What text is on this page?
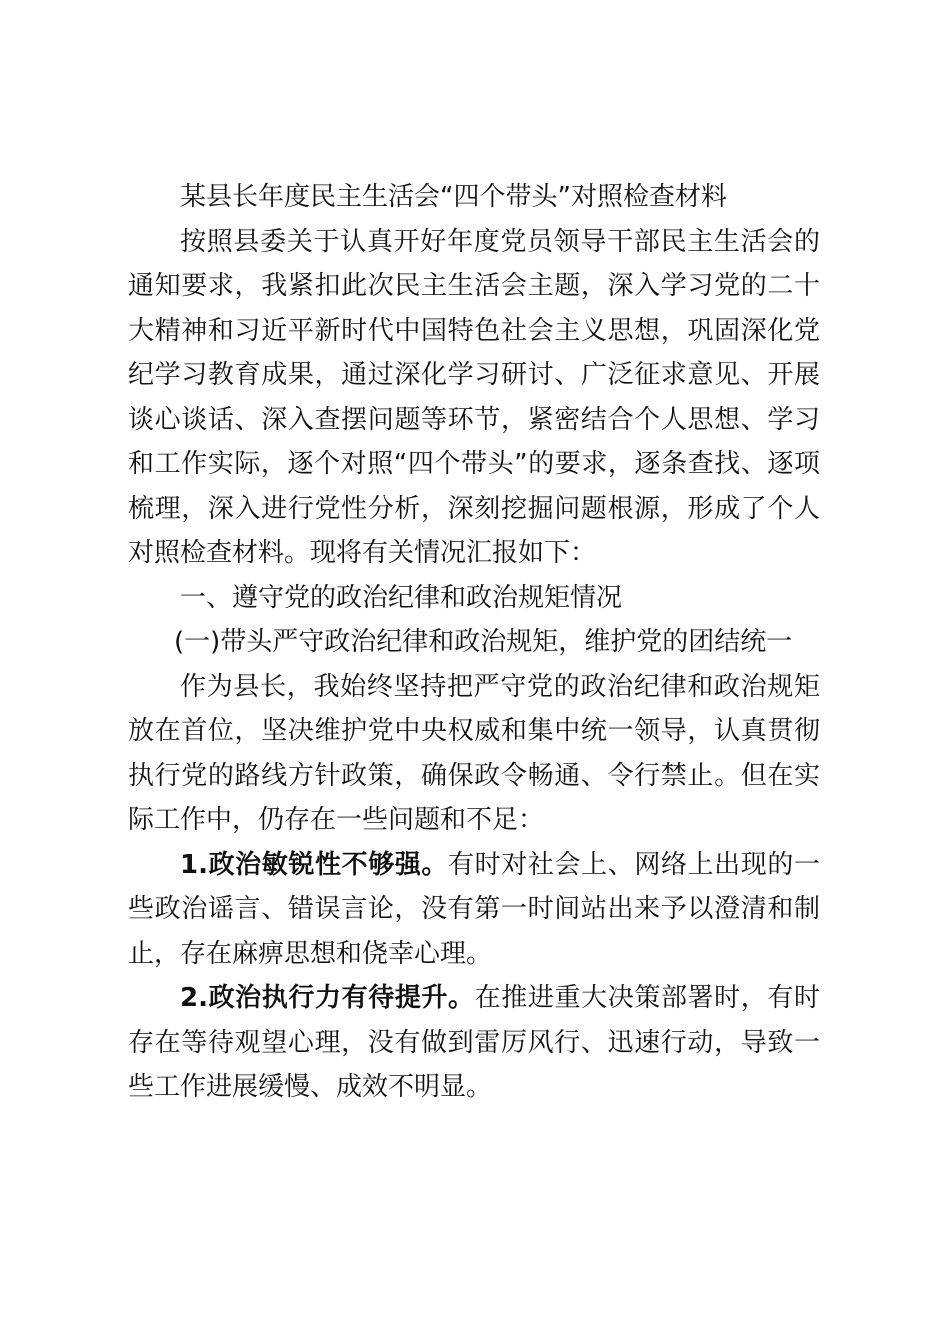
某县长年度民主生活会“四个带头”对照检查材料

按照县委关于认真开好年度党员领导干部民主生活会的通知要求，我紧扣此次民主生活会主题，深入学习党的二十大精神和习近平新时代中国特色社会主义思想，巩固深化党纪学习教育成果，通过深化学习研讨、广泛征求意见、开展谈心谈话、深入查摆问题等环节，紧密结合个人思想、学习和工作实际，逐个对照“四个带头”的要求，逐条查找、逐项梳理，深入进行党性分析，深刻挖掘问题根源，形成了个人对照检查材料。现将有关情况汇报如下：

一、遵守党的政治纪律和政治规矩情况

(一)带头严守政治纪律和政治规矩，维护党的团结统一

作为县长，我始终坚持把严守党的政治纪律和政治规矩放在首位，坚决维护党中央权威和集中统一领导，认真贯彻执行党的路线方针政策，确保政令畅通、令行禁止。但在实际工作中，仍存在一些问题和不足：

1.政治敏锐性不够强。有时对社会上、网络上出现的一些政治谣言、错误言论，没有第一时间站出来予以澄清和制止，存在麻痹思想和侥幸心理。

2.政治执行力有待提升。在推进重大决策部署时，有时存在等待观望心理，没有做到雷厉风行、迅速行动，导致一些工作进展缓慢、成效不明显。
